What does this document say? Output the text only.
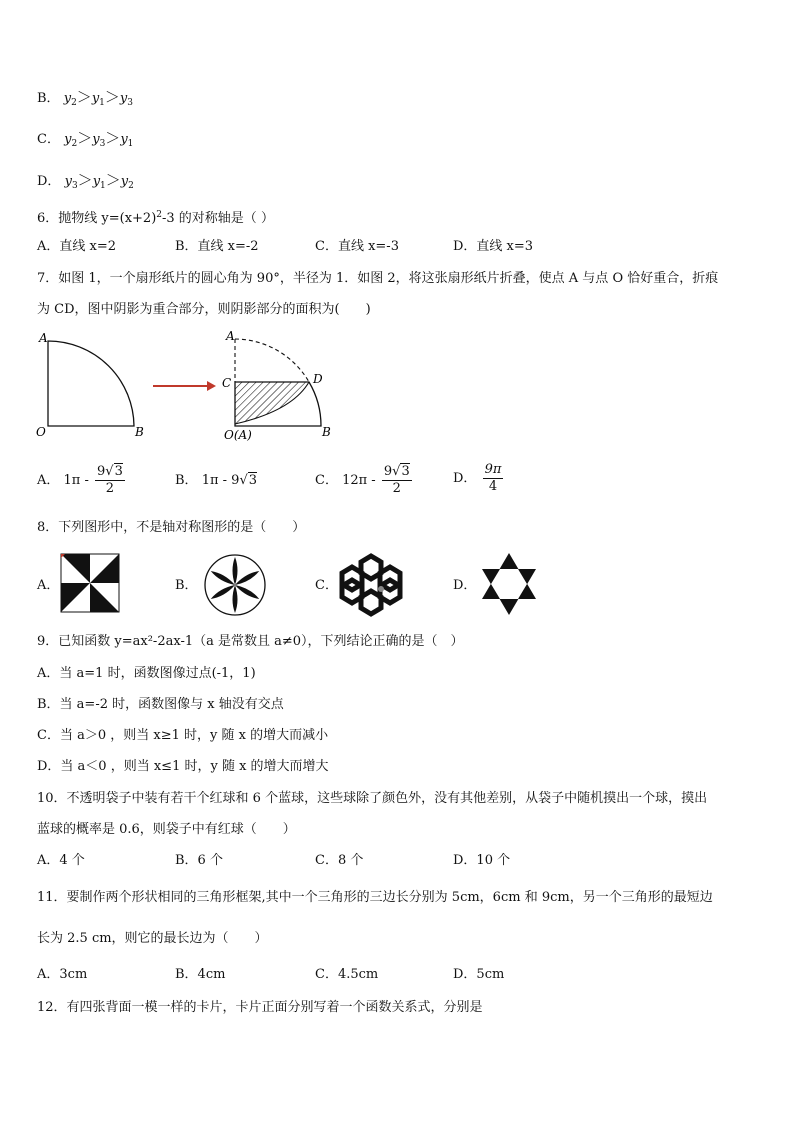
B． $y_2>y_1>y_3$
C． $y_2>y_3>y_1$
D． $y_3>y_1>y_2$
6．抛物线 $y=(x+2)^2-3$ 的对称轴是（ ）
A．直线 x=2	B．直线 x=-2	C．直线 x=-3	D．直线 x=3
7．如图 1，一个扇形纸片的圆心角为 90°，半径为 1．如图 2，将这张扇形纸片折叠，使点 A 与点 O 恰好重合，折痕
为 CD，图中阴影为重合部分，则阴影部分的面积为(　　)
A
O	B
A
C	D
O(A)	B
A． $1\pi - \frac{9√3}{2}$	B． 1π - 9√3	C． $12\pi - \frac{9√3}{2}$	D． $\frac{9\pi}{4}$
8．下列图形中，不是轴对称图形的是（　　）
A．	B．	C．	D．
9．已知函数 y=ax²-2ax-1（a 是常数且 a≠0），下列结论正确的是（　）
A．当 a=1 时，函数图像过点(-1，1)
B．当 a=-2 时，函数图像与 x 轴没有交点
C．当 a＞0 ，则当 x≥1 时，y 随 x 的增大而减小
D．当 a＜0 ，则当 x≤1 时，y 随 x 的增大而增大
10．不透明袋子中装有若干个红球和 6 个蓝球，这些球除了颜色外，没有其他差别，从袋子中随机摸出一个球，摸出
蓝球的概率是 0.6，则袋子中有红球（　　）
A．4 个	B．6 个	C．8 个	D．10 个
11．要制作两个形状相同的三角形框架,其中一个三角形的三边长分别为 5cm，6cm 和 9cm，另一个三角形的最短边
长为 2.5 cm，则它的最长边为（　　）
A．3cm	B．4cm	C．4.5cm	D．5cm
12．有四张背面一模一样的卡片，卡片正面分别写着一个函数关系式，分别是
